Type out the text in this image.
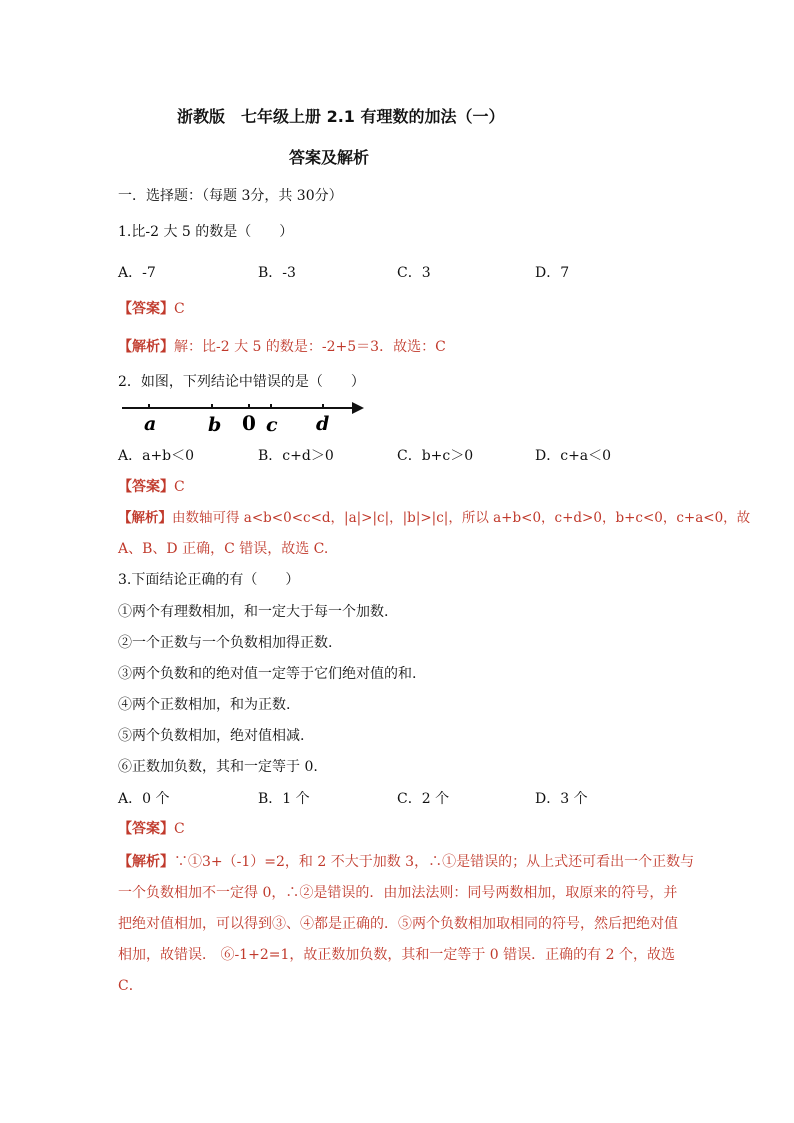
浙教版　七年级上册 2.1 有理数的加法（一）
答案及解析
一．选择题：（每题 3分，共 30分）
1.比-2 大 5 的数是（　　）
A．-7	B．-3	C．3	D．7
【答案】C
【解析】解：比-2 大 5 的数是：-2+5＝3．故选：C
2．如图，下列结论中错误的是（　　）
a	b 0 c d
A．a+b＜0	B．c+d＞0	C．b+c＞0	D．c+a＜0
【答案】C
【解析】由数轴可得 a<b<0<c<d，|a|>|c|，|b|>|c|，所以 a+b<0，c+d>0，b+c<0，c+a<0，故
A、B、D 正确，C 错误，故选 C.
3.下面结论正确的有（　　）
①两个有理数相加，和一定大于每一个加数.
②一个正数与一个负数相加得正数.
③两个负数和的绝对值一定等于它们绝对值的和.
④两个正数相加，和为正数.
⑤两个负数相加，绝对值相减.
⑥正数加负数，其和一定等于 0.
A．0 个	B．1 个	C．2 个	D．3 个
【答案】C
【解析】∵①3+（-1）=2，和 2 不大于加数 3，∴①是错误的；从上式还可看出一个正数与
一个负数相加不一定得 0，∴②是错误的．由加法法则：同号两数相加，取原来的符号，并
把绝对值相加，可以得到③、④都是正确的．⑤两个负数相加取相同的符号，然后把绝对值
相加，故错误． ⑥-1+2=1，故正数加负数，其和一定等于 0 错误．正确的有 2 个，故选
C．
